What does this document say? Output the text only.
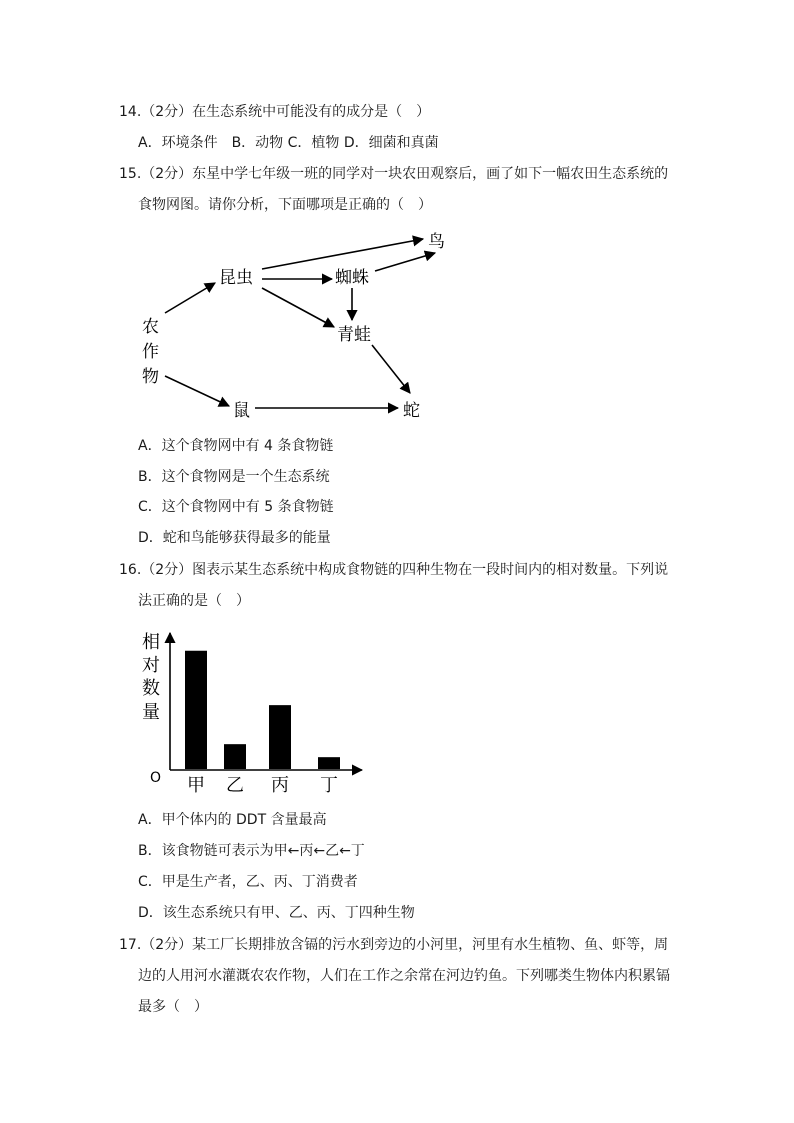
14.（2分）在生态系统中可能没有的成分是（　）
A．环境条件　B．动物 C．植物 D．细菌和真菌
15.（2分）东星中学七年级一班的同学对一块农田观察后，画了如下一幅农田生态系统的
食物网图。请你分析，下面哪项是正确的（　）
农
作
物
昆虫	蜘蛛
鸟
青蛙
鼠	蛇
A．这个食物网中有 4 条食物链
B．这个食物网是一个生态系统
C．这个食物网中有 5 条食物链
D．蛇和鸟能够获得最多的能量
16.（2分）图表示某生态系统中构成食物链的四种生物在一段时间内的相对数量。下列说
法正确的是（　）
相
对
数
量
O 甲 乙 丙 丁
A．甲个体内的 DDT 含量最高
B．该食物链可表示为甲←丙←乙←丁
C．甲是生产者，乙、丙、丁消费者
D．该生态系统只有甲、乙、丙、丁四种生物
17.（2分）某工厂长期排放含镉的污水到旁边的小河里，河里有水生植物、鱼、虾等，周
边的人用河水灌溉农农作物，人们在工作之余常在河边钓鱼。下列哪类生物体内积累镉
最多（　）
